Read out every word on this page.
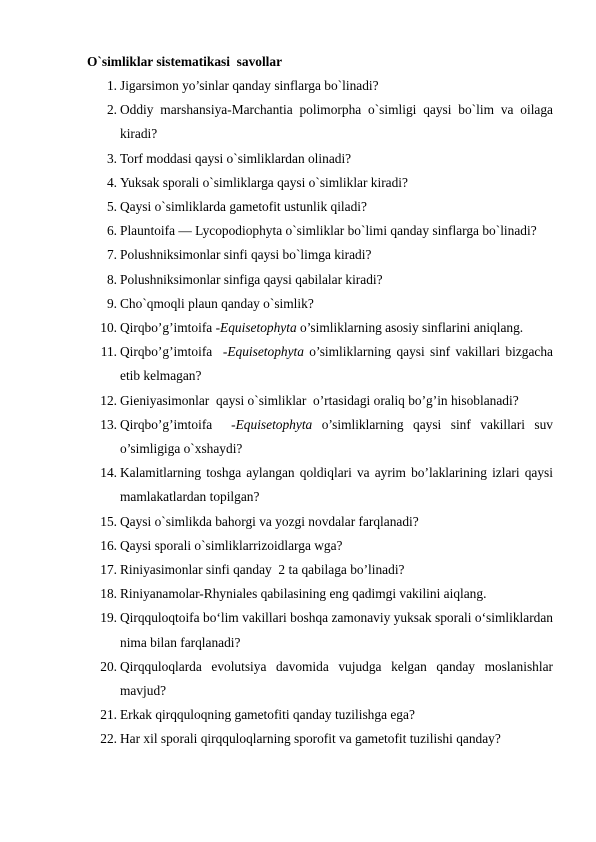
O`simliklar sistematikasi  savollar
1. Jigarsimon yo’sinlar qanday sinflarga bo`linadi?
2. Oddiy marshansiya-Marchantia polimorpha o`simligi qaysi bo`lim va oilaga kiradi?
3. Torf moddasi qaysi o`simliklardan olinadi?
4. Yuksak sporali o`simliklarga qaysi o`simliklar kiradi?
5. Qaysi o`simliklarda gametofit ustunlik qiladi?
6. Plauntoifa — Lycopodiophyta o`simliklar bo`limi qanday sinflarga bo`linadi?
7. Polushniksimonlar sinfi qaysi bo`limga kiradi?
8. Polushniksimonlar sinfiga qaysi qabilalar kiradi?
9. Cho`qmoqli plaun qanday o`simlik?
10. Qirqbo’g’imtoifa -Equisetophyta o’simliklarning asosiy sinflarini aniqlang.
11. Qirqbo’g’imtoifa  -Equisetophyta o’simliklarning qaysi sinf vakillari bizgacha etib kelmagan?
12. Gieniyasimonlar  qaysi o`simliklar  o’rtasidagi oraliq bo’g’in hisoblanadi?
13. Qirqbo’g’imtoifa  -Equisetophyta o’simliklarning qaysi sinf vakillari suv o’simligiga o`xshaydi?
14. Kalamitlarning toshga aylangan qoldiqlari va ayrim bo’laklarining izlari qaysi mamlakatlardan topilgan?
15. Qaysi o`simlikda bahorgi va yozgi novdalar farqlanadi?
16. Qaysi sporali o`simliklarrizoidlarga wga?
17. Riniyasimonlar sinfi qanday  2 ta qabilaga bo’linadi?
18. Riniyanamolar-Rhyniales qabilasining eng qadimgi vakilini aiqlang.
19. Qirqquloqtoifa bo‘lim vakillari boshqa zamonaviy yuksak sporali o‘simliklardan nima bilan farqlanadi?
20. Qirqquloqlarda evolutsiya davomida vujudga kelgan qanday moslanishlar mavjud?
21. Erkak qirqquloqning gametofiti qanday tuzilishga ega?
22. Har xil sporali qirqquloqlarning sporofit va gametofit tuzilishi qanday?
